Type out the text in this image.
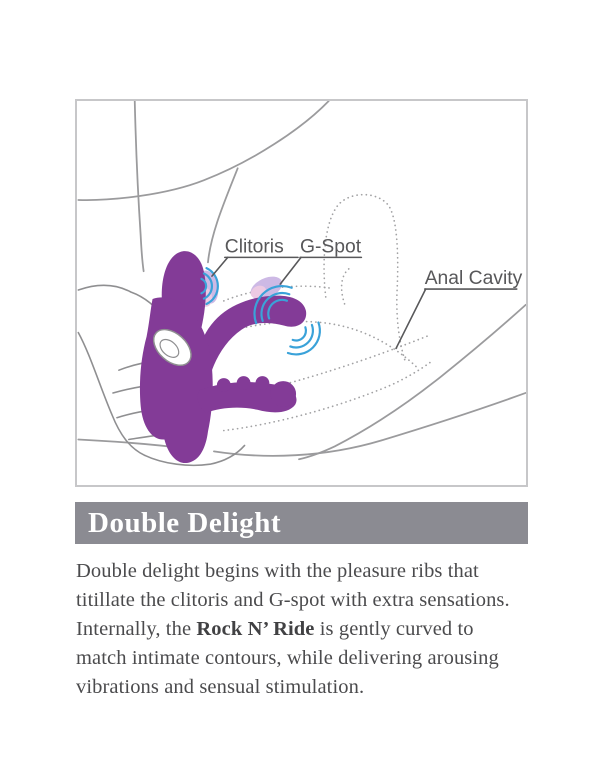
Clitoris G-Spot
Anal Cavity
Double Delight
Double delight begins with the pleasure ribs that
titillate the clitoris and G-spot with extra sensations.
Internally, the Rock N’ Ride is gently curved to
match intimate contours, while delivering arousing
vibrations and sensual stimulation.
